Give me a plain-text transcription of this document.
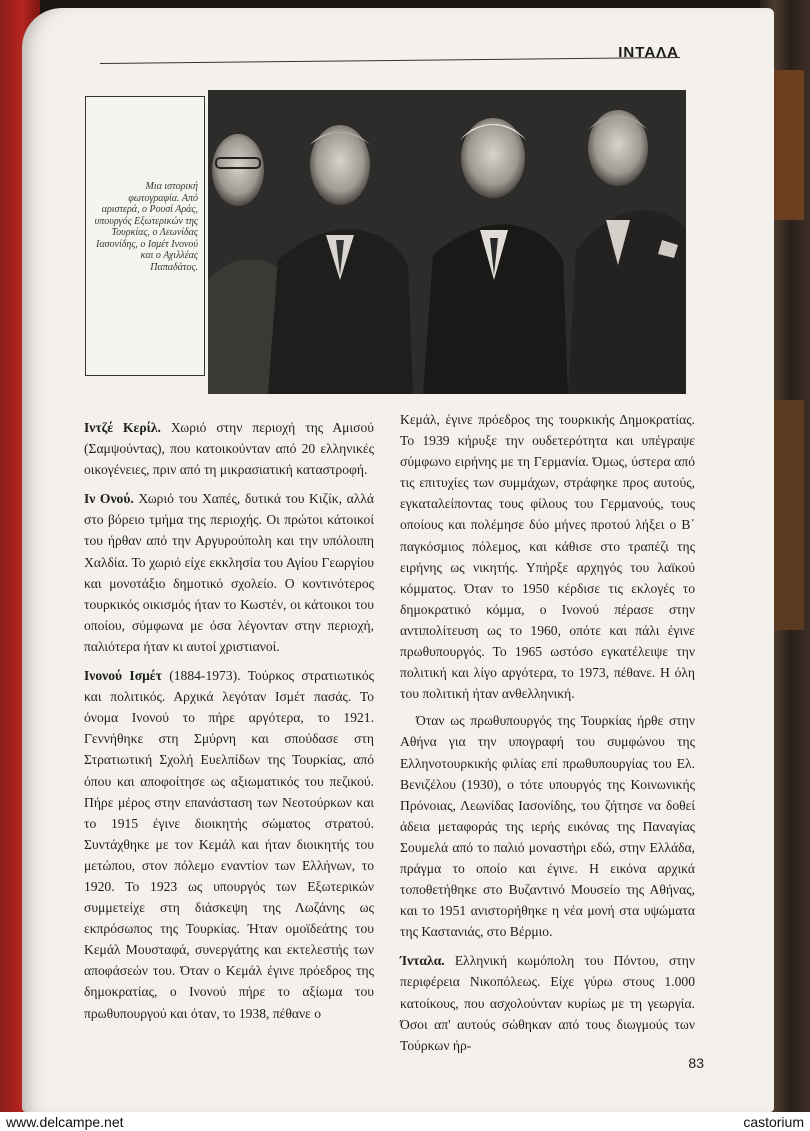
ΙΝΤΑΛΑ
Μια ιστορική φωτογραφία. Από αριστερά, ο Ρουσί Αράς, υπουργός Εξωτερικών της Τουρκίας, ο Λεωνίδας Ιασονίδης, ο Ισμέτ Ινονού και ο Αχιλλέας Παπαδάτος.

Ιντζέ Κερίλ. Χωριό στην περιοχή της Αμισού (Σαμψούντας), που κατοικούνταν από 20 ελληνικές οικογένειες, πριν από τη μικρασιατική καταστροφή.

Ιν Ονού. Χωριό του Χαπές, δυτικά του Κιζίκ, αλλά στο βόρειο τμήμα της περιοχής. Οι πρώτοι κάτοικοί του ήρθαν από την Αργυρούπολη και την υπόλοιπη Χαλδία. Το χωριό είχε εκκλησία του Αγίου Γεωργίου και μονοτάξιο δημοτικό σχολείο. Ο κοντινότερος τουρκικός οικισμός ήταν το Κωστέν, οι κάτοικοι του οποίου, σύμφωνα με όσα λέγονταν στην περιοχή, παλιότερα ήταν κι αυτοί χριστιανοί.

Ινονού Ισμέτ (1884-1973). Τούρκος στρατιωτικός και πολιτικός. Αρχικά λεγόταν Ισμέτ πασάς. Το όνομα Ινονού το πήρε αργότερα, το 1921. Γεννήθηκε στη Σμύρνη και σπούδασε στη Στρατιωτική Σχολή Ευελπίδων της Τουρκίας, από όπου και αποφοίτησε ως αξιωματικός του πεζικού. Πήρε μέρος στην επανάσταση των Νεοτούρκων και το 1915 έγινε διοικητής σώματος στρατού. Συντάχθηκε με τον Κεμάλ και ήταν διοικητής του μετώπου, στον πόλεμο εναντίον των Ελλήνων, το 1920. Το 1923 ως υπουργός των Εξωτερικών συμμετείχε στη διάσκεψη της Λωζάνης ως εκπρόσωπος της Τουρκίας. Ήταν ομοϊδεάτης του Κεμάλ Μουσταφά, συνεργάτης και εκτελεστής των αποφάσεών του. Όταν ο Κεμάλ έγινε πρόεδρος της δημοκρατίας, ο Ινονού πήρε το αξίωμα του πρωθυπουργού και όταν, το 1938, πέθανε ο

Κεμάλ, έγινε πρόεδρος της τουρκικής Δημοκρατίας. Το 1939 κήρυξε την ουδετερότητα και υπέγραψε σύμφωνο ειρήνης με τη Γερμανία. Όμως, ύστερα από τις επιτυχίες των συμμάχων, στράφηκε προς αυτούς, εγκαταλείποντας τους φίλους του Γερμανούς, τους οποίους και πολέμησε δύο μήνες προτού λήξει ο Β΄ παγκόσμιος πόλεμος, και κάθισε στο τραπέζι της ειρήνης ως νικητής. Υπήρξε αρχηγός του λαϊκού κόμματος. Όταν το 1950 κέρδισε τις εκλογές το δημοκρατικό κόμμα, ο Ινονού πέρασε στην αντιπολίτευση ως το 1960, οπότε και πάλι έγινε πρωθυπουργός. Το 1965 ωστόσο εγκατέλειψε την πολιτική και λίγο αργότερα, το 1973, πέθανε. Η όλη του πολιτική ήταν ανθελληνική.

Όταν ως πρωθυπουργός της Τουρκίας ήρθε στην Αθήνα για την υπογραφή του συμφώνου της Ελληνοτουρκικής φιλίας επί πρωθυπουργίας του Ελ. Βενιζέλου (1930), ο τότε υπουργός της Κοινωνικής Πρόνοιας, Λεωνίδας Ιασονίδης, του ζήτησε να δοθεί άδεια μεταφοράς της ιερής εικόνας της Παναγίας Σουμελά από το παλιό μοναστήρι εδώ, στην Ελλάδα, πράγμα το οποίο και έγινε. Η εικόνα αρχικά τοποθετήθηκε στο Βυζαντινό Μουσείο της Αθήνας, και το 1951 ανιστορήθηκε η νέα μονή στα υψώματα της Καστανιάς, στο Βέρμιο.

Ίνταλα. Ελληνική κωμόπολη του Πόντου, στην περιφέρεια Νικοπόλεως. Είχε γύρω στους 1.000 κατοίκους, που ασχολούνταν κυρίως με τη γεωργία. Όσοι απ' αυτούς σώθηκαν από τους διωγμούς των Τούρκων ήρ-

83
www.delcampe.net	castorium
